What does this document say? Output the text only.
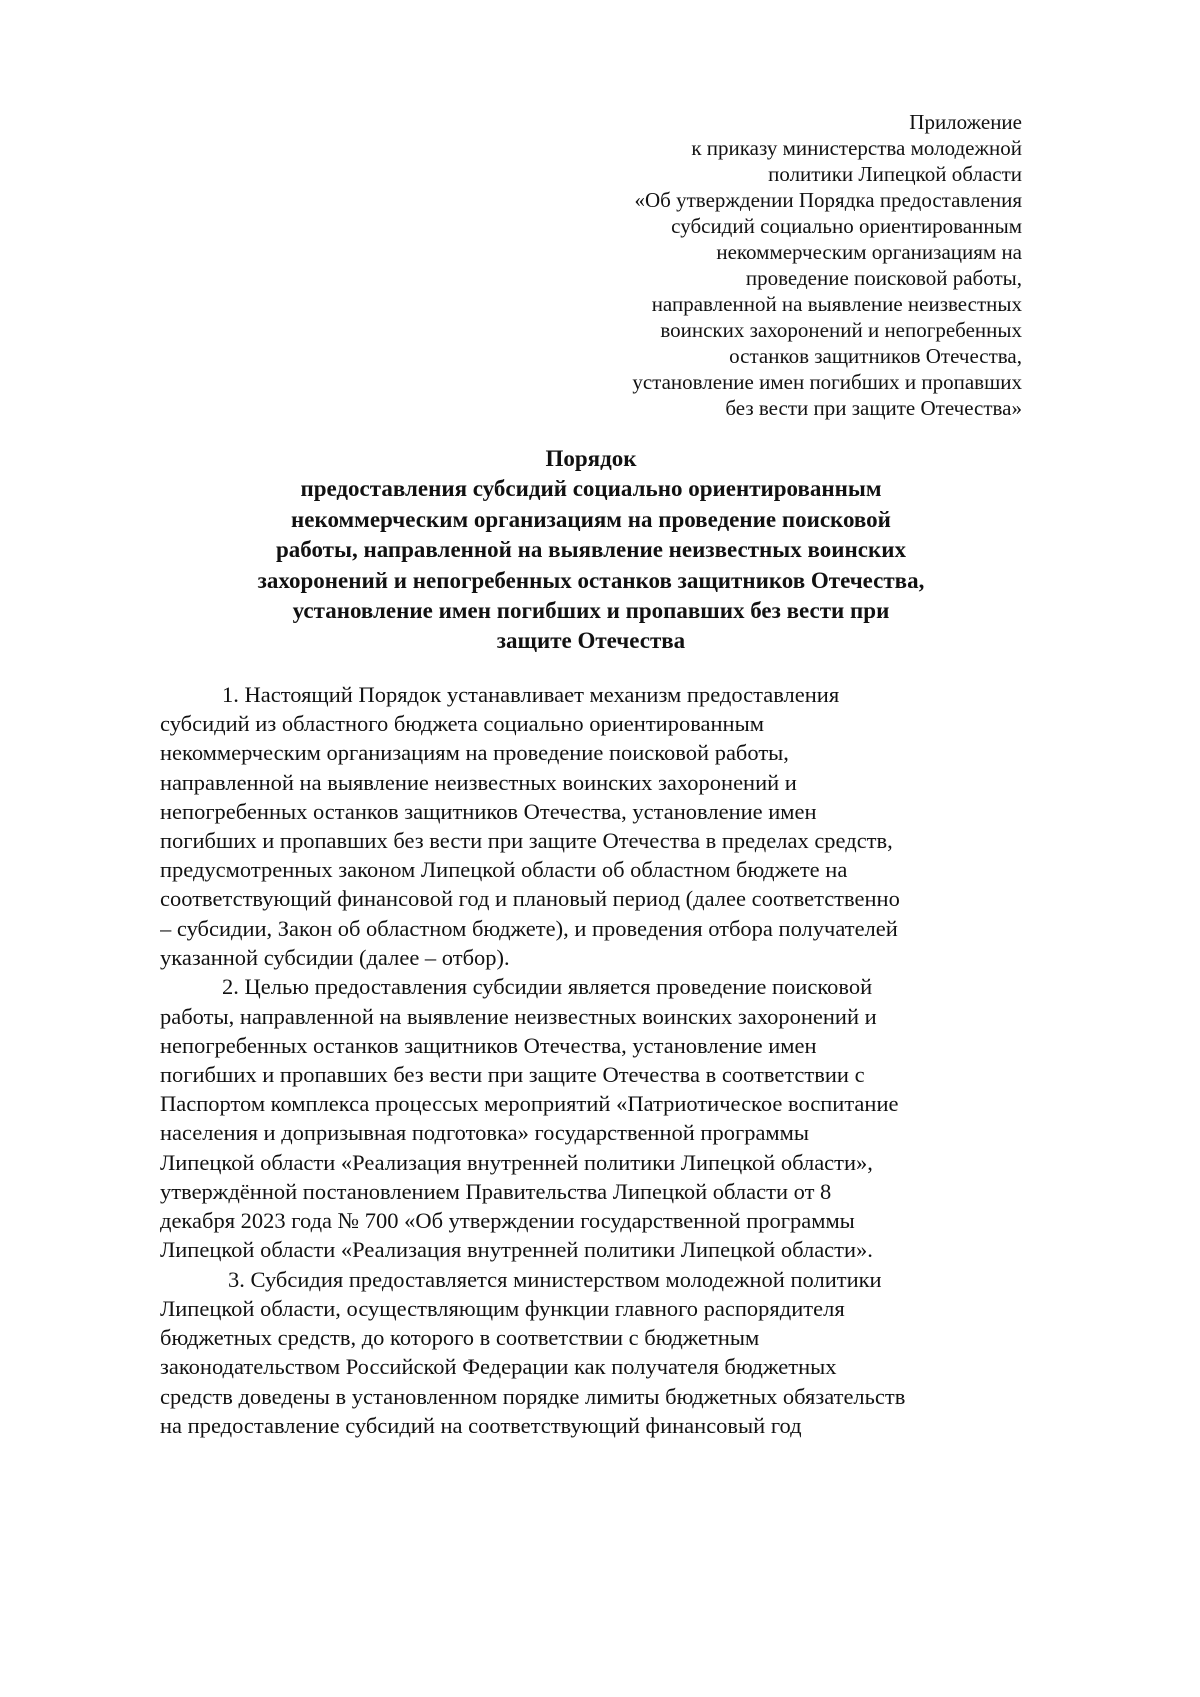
Приложение
к приказу министерства молодежной
политики Липецкой области
«Об утверждении Порядка предоставления
субсидий социально ориентированным
некоммерческим организациям на
проведение поисковой работы,
направленной на выявление неизвестных
воинских захоронений и непогребенных
останков защитников Отечества,
установление имен погибших и пропавших
без вести при защите Отечества»
Порядок
предоставления субсидий социально ориентированным
некоммерческим организациям на проведение поисковой
работы, направленной на выявление неизвестных воинских
захоронений и непогребенных останков защитников Отечества,
установление имен погибших и пропавших без вести при
защите Отечества
1. Настоящий Порядок устанавливает механизм предоставления
субсидий из областного бюджета социально ориентированным
некоммерческим организациям на проведение поисковой работы,
направленной на выявление неизвестных воинских захоронений и
непогребенных останков защитников Отечества, установление имен
погибших и пропавших без вести при защите Отечества в пределах средств,
предусмотренных законом Липецкой области об областном бюджете на
соответствующий финансовой год и плановый период (далее соответственно
– субсидии, Закон об областном бюджете), и проведения отбора получателей
указанной субсидии (далее – отбор).
2. Целью предоставления субсидии является проведение поисковой
работы, направленной на выявление неизвестных воинских захоронений и
непогребенных останков защитников Отечества, установление имен
погибших и пропавших без вести при защите Отечества в соответствии с
Паспортом комплекса процессых мероприятий «Патриотическое воспитание
населения и допризывная подготовка» государственной программы
Липецкой области «Реализация внутренней политики Липецкой области»,
утверждённой постановлением Правительства Липецкой области от 8
декабря 2023 года № 700 «Об утверждении государственной программы
Липецкой области «Реализация внутренней политики Липецкой области».
3. Субсидия предоставляется министерством молодежной политики
Липецкой области, осуществляющим функции главного распорядителя
бюджетных средств, до которого в соответствии с бюджетным
законодательством Российской Федерации как получателя бюджетных
средств доведены в установленном порядке лимиты бюджетных обязательств
на предоставление субсидий на соответствующий финансовый год
